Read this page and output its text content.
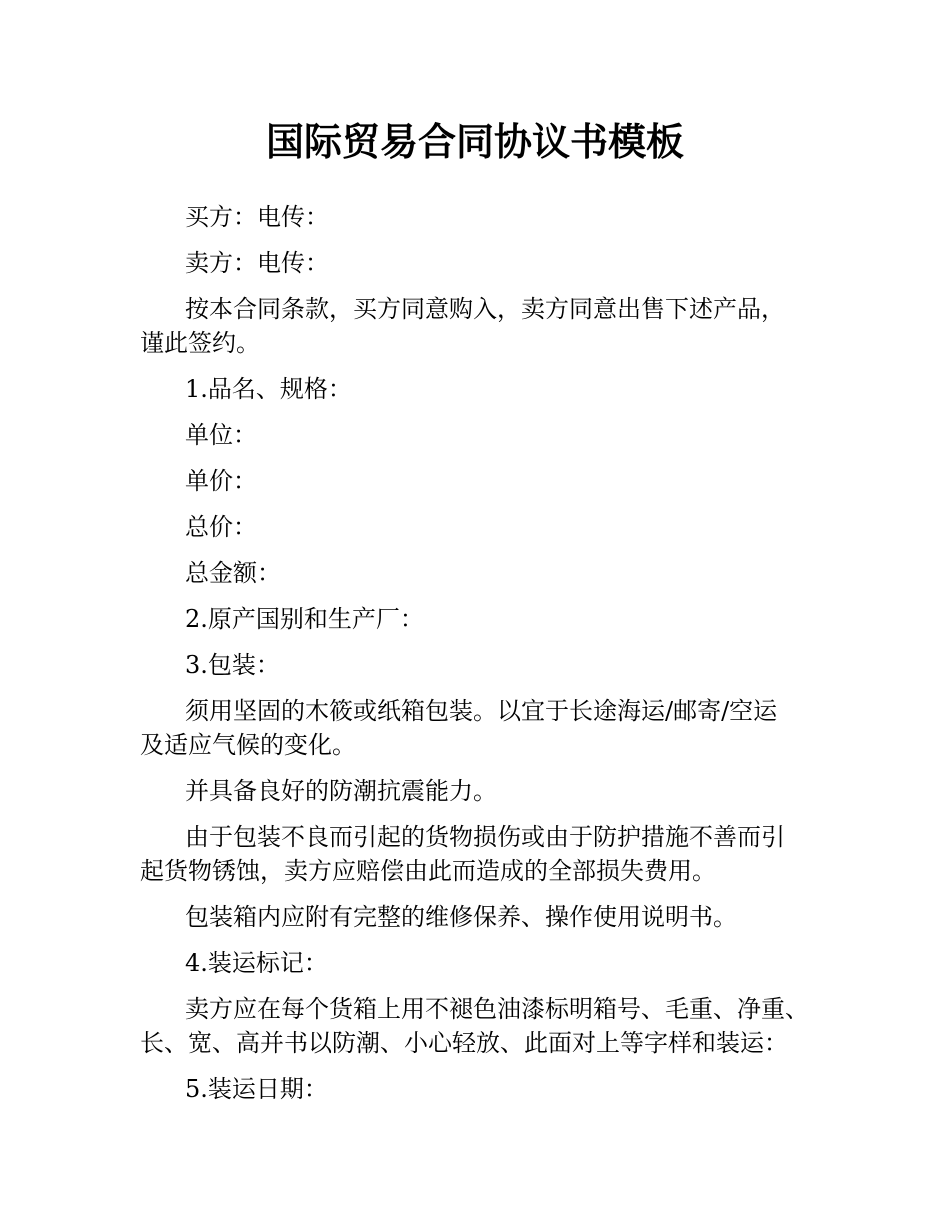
国际贸易合同协议书模板

买方：电传：

卖方：电传：

按本合同条款，买方同意购入，卖方同意出售下述产品，
谨此签约。

1.品名、规格：

单位：

单价：

总价：

总金额：

2.原产国别和生产厂：

3.包装：

须用坚固的木筱或纸箱包装。以宜于长途海运/邮寄/空运
及适应气候的变化。

并具备良好的防潮抗震能力。

由于包装不良而引起的货物损伤或由于防护措施不善而引
起货物锈蚀，卖方应赔偿由此而造成的全部损失费用。

包装箱内应附有完整的维修保养、操作使用说明书。

4.装运标记：

卖方应在每个货箱上用不褪色油漆标明箱号、毛重、净重、
长、宽、高并书以防潮、小心轻放、此面对上等字样和装运：

5.装运日期：
